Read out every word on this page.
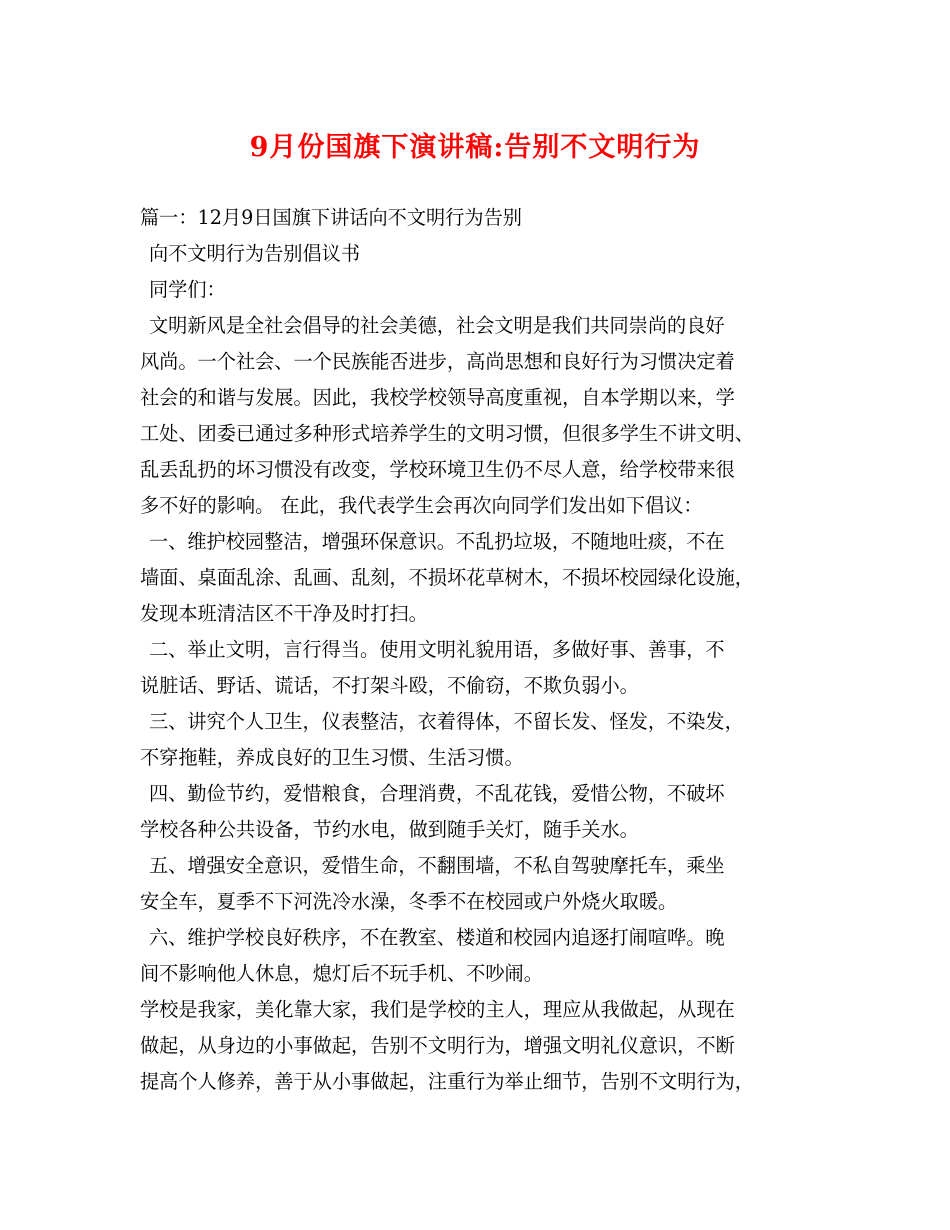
9月份国旗下演讲稿:告别不文明行为
篇一：12月9日国旗下讲话向不文明行为告别
向不文明行为告别倡议书
同学们：
文明新风是全社会倡导的社会美德，社会文明是我们共同崇尚的良好
风尚。一个社会、一个民族能否进步，高尚思想和良好行为习惯决定着
社会的和谐与发展。因此，我校学校领导高度重视，自本学期以来，学
工处、团委已通过多种形式培养学生的文明习惯，但很多学生不讲文明、
乱丢乱扔的坏习惯没有改变，学校环境卫生仍不尽人意，给学校带来很
多不好的影响。 在此，我代表学生会再次向同学们发出如下倡议：
一、维护校园整洁，增强环保意识。不乱扔垃圾，不随地吐痰，不在
墙面、桌面乱涂、乱画、乱刻，不损坏花草树木，不损坏校园绿化设施，
发现本班清洁区不干净及时打扫。
二、举止文明，言行得当。使用文明礼貌用语，多做好事、善事，不
说脏话、野话、谎话，不打架斗殴，不偷窃，不欺负弱小。
三、讲究个人卫生，仪表整洁，衣着得体，不留长发、怪发，不染发，
不穿拖鞋，养成良好的卫生习惯、生活习惯。
四、勤俭节约，爱惜粮食，合理消费，不乱花钱，爱惜公物，不破坏
学校各种公共设备，节约水电，做到随手关灯，随手关水。
五、增强安全意识，爱惜生命，不翻围墙，不私自驾驶摩托车，乘坐
安全车，夏季不下河洗冷水澡，冬季不在校园或户外烧火取暖。
六、维护学校良好秩序，不在教室、楼道和校园内追逐打闹喧哗。晚
间不影响他人休息，熄灯后不玩手机、不吵闹。
学校是我家，美化靠大家，我们是学校的主人，理应从我做起，从现在
做起，从身边的小事做起，告别不文明行为，增强文明礼仪意识，不断
提高个人修养，善于从小事做起，注重行为举止细节，告别不文明行为，
